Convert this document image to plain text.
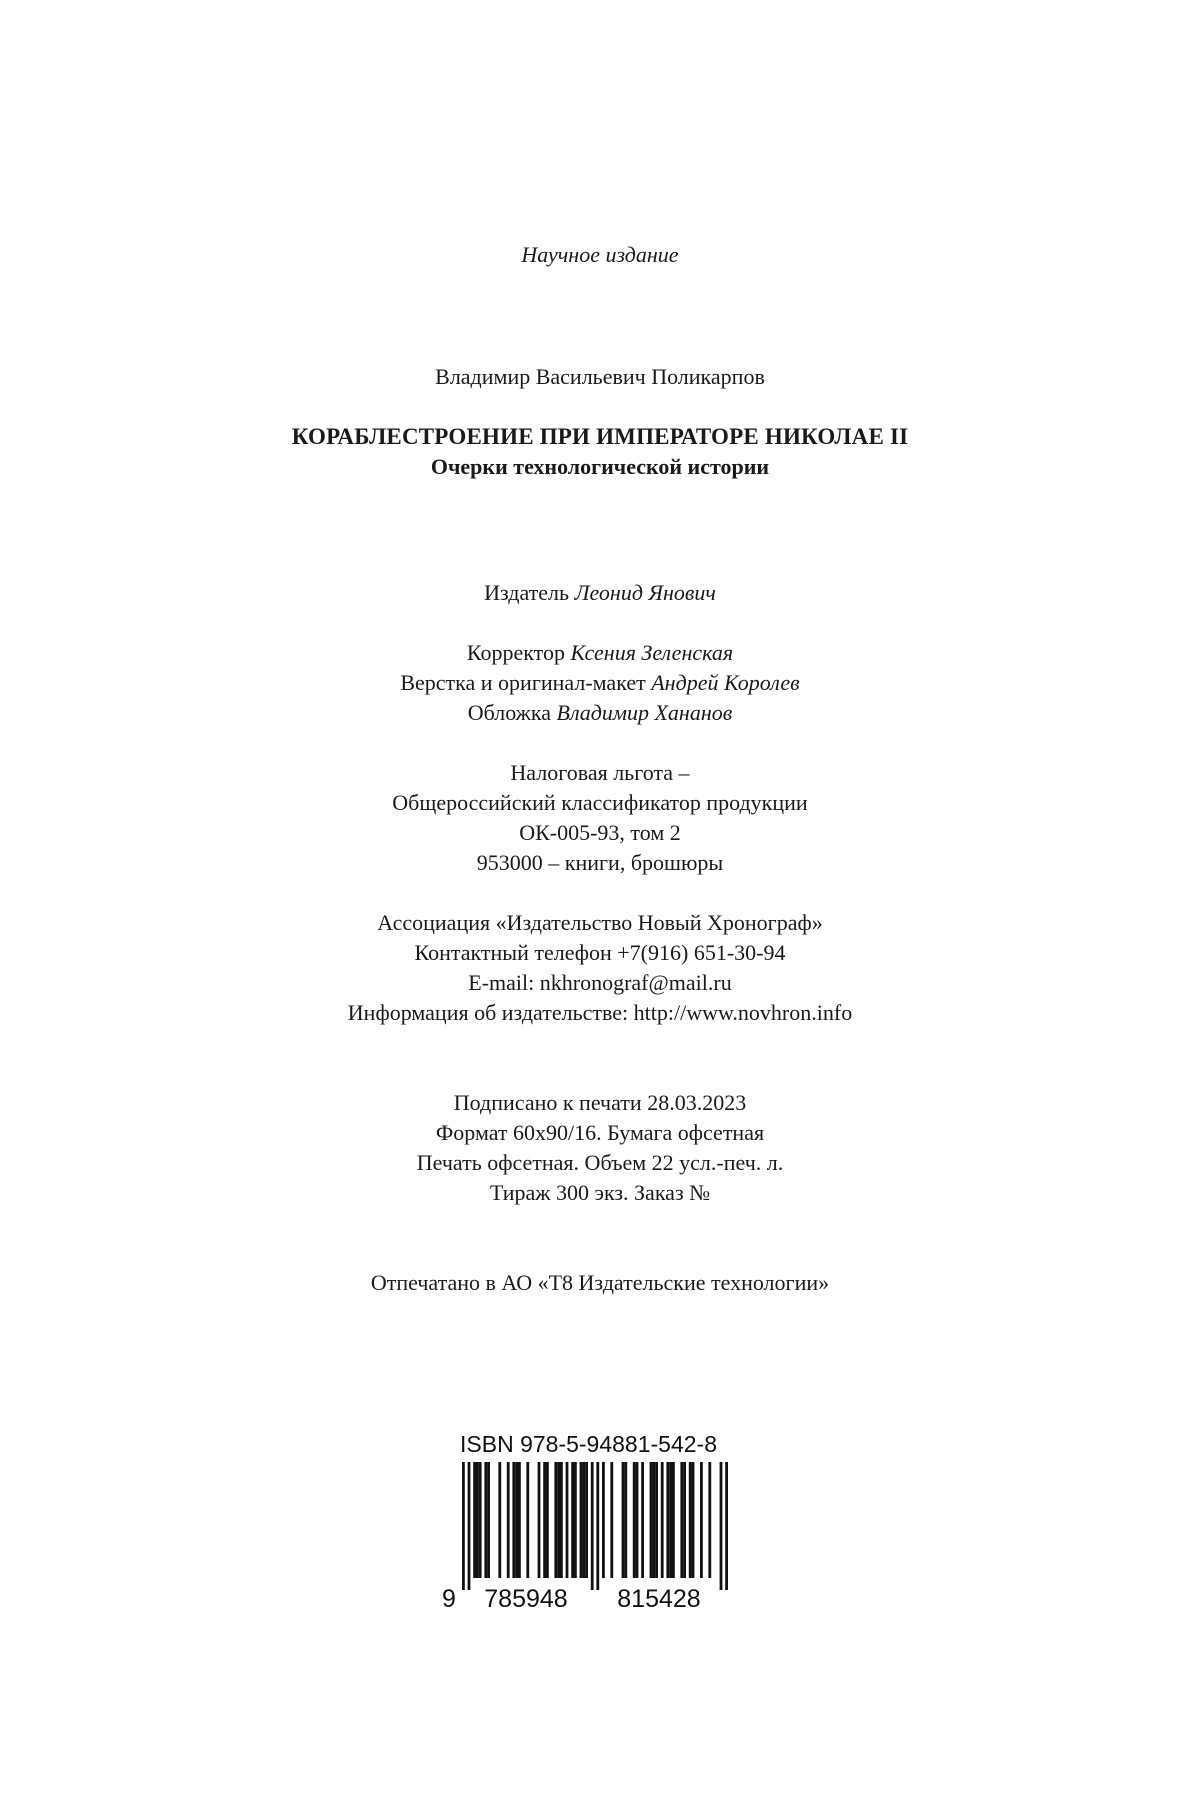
Научное издание
Владимир Васильевич Поликарпов
КОРАБЛЕСТРОЕНИЕ ПРИ ИМПЕРАТОРЕ НИКОЛАЕ II
Очерки технологической истории
Издатель Леонид Янович
Корректор Ксения Зеленская
Верстка и оригинал-макет Андрей Королев
Обложка Владимир Хананов
Налоговая льгота –
Общероссийский классификатор продукции
ОК-005-93, том 2
953000 – книги, брошюры
Ассоциация «Издательство Новый Хронограф»
Контактный телефон +7(916) 651-30-94
E-mail: nkhronograf@mail.ru
Информация об издательстве: http://www.novhron.info
Подписано к печати 28.03.2023
Формат 60x90/16. Бумага офсетная
Печать офсетная. Объем 22 усл.-печ. л.
Тираж 300 экз. Заказ №
Отпечатано в АО «Т8 Издательские технологии»
ISBN 978-5-94881-542-8
9 785948 815428
